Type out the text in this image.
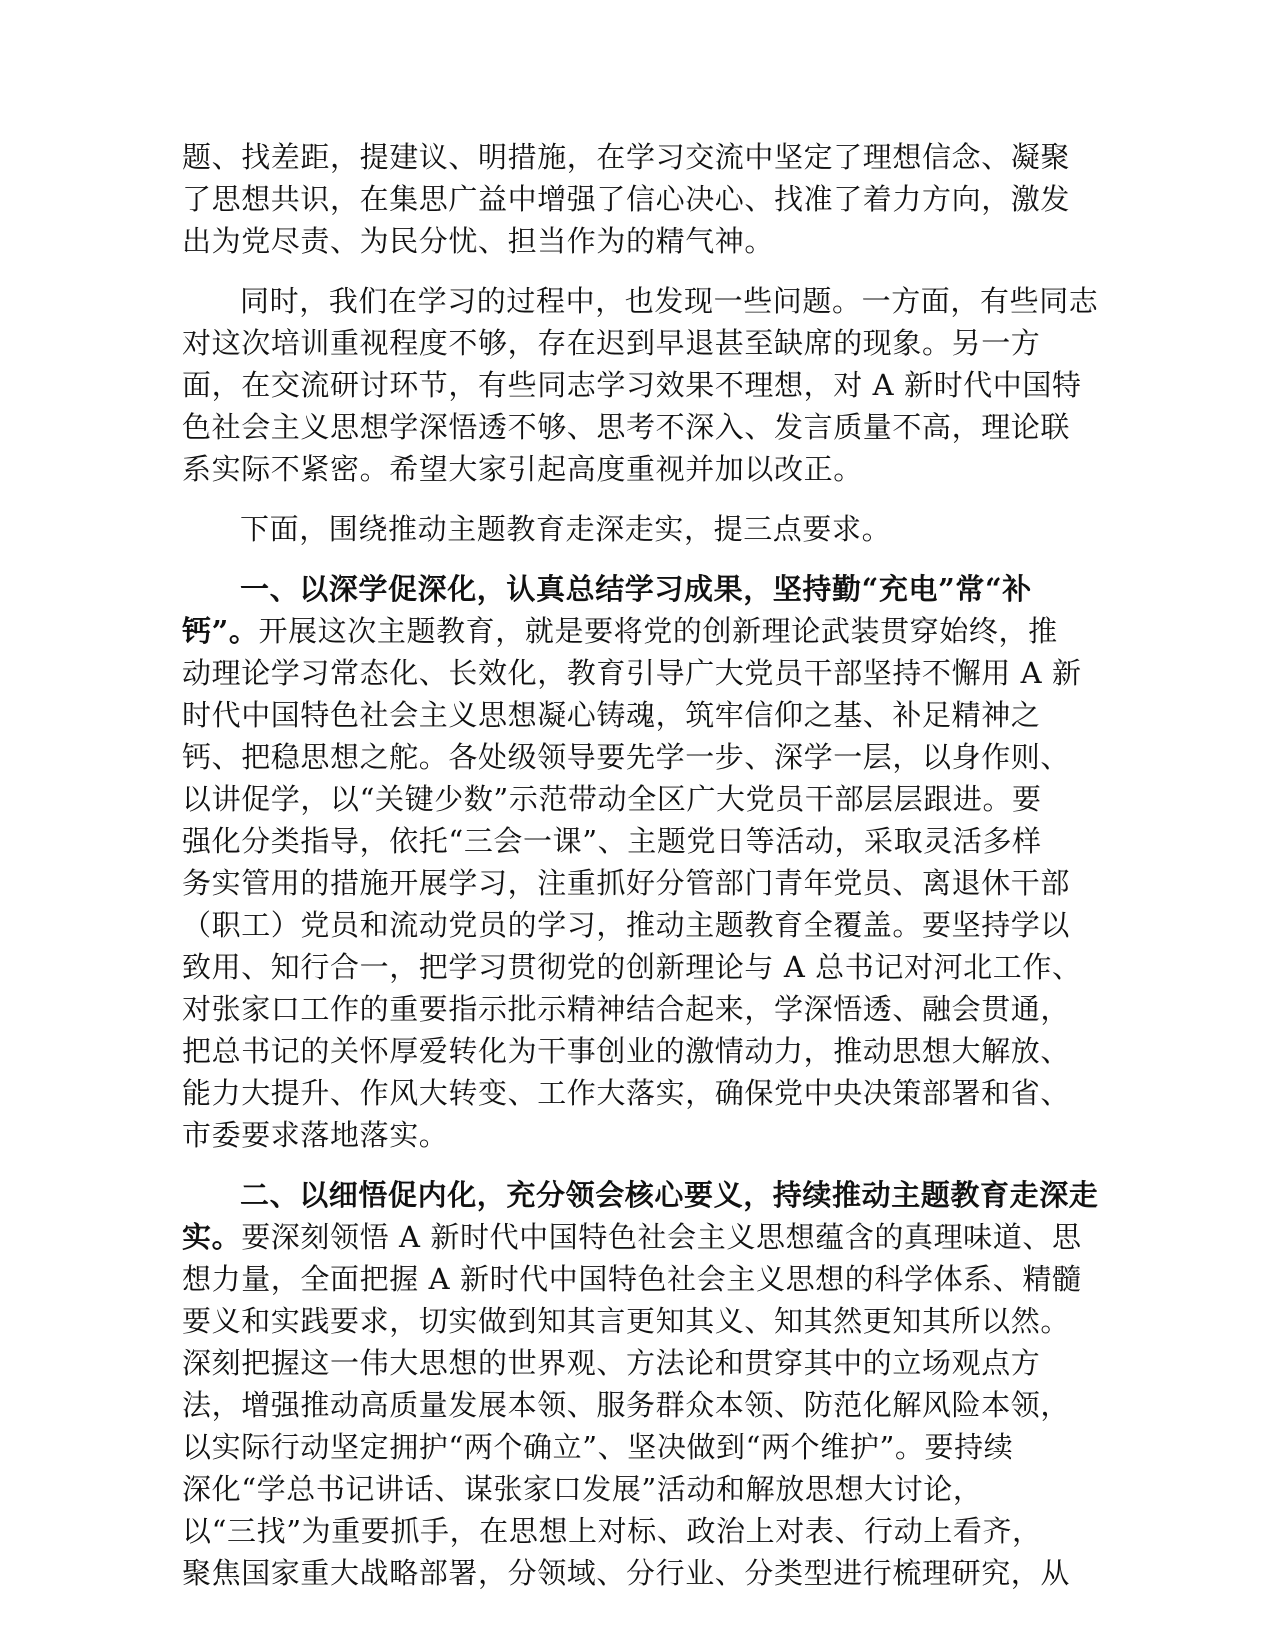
题、找差距，提建议、明措施，在学习交流中坚定了理想信念、凝聚
了思想共识，在集思广益中增强了信心决心、找准了着力方向，激发
出为党尽责、为民分忧、担当作为的精气神。
同时，我们在学习的过程中，也发现一些问题。一方面，有些同志
对这次培训重视程度不够，存在迟到早退甚至缺席的现象。另一方
面，在交流研讨环节，有些同志学习效果不理想，对 A 新时代中国特
色社会主义思想学深悟透不够、思考不深入、发言质量不高，理论联
系实际不紧密。希望大家引起高度重视并加以改正。
下面，围绕推动主题教育走深走实，提三点要求。
一、以深学促深化，认真总结学习成果，坚持勤“充电”常“补
钙”。开展这次主题教育，就是要将党的创新理论武装贯穿始终，推
动理论学习常态化、长效化，教育引导广大党员干部坚持不懈用 A 新
时代中国特色社会主义思想凝心铸魂，筑牢信仰之基、补足精神之
钙、把稳思想之舵。各处级领导要先学一步、深学一层，以身作则、
以讲促学，以“关键少数”示范带动全区广大党员干部层层跟进。要
强化分类指导，依托“三会一课”、主题党日等活动，采取灵活多样
务实管用的措施开展学习，注重抓好分管部门青年党员、离退休干部
（职工）党员和流动党员的学习，推动主题教育全覆盖。要坚持学以
致用、知行合一，把学习贯彻党的创新理论与 A 总书记对河北工作、
对张家口工作的重要指示批示精神结合起来，学深悟透、融会贯通，
把总书记的关怀厚爱转化为干事创业的激情动力，推动思想大解放、
能力大提升、作风大转变、工作大落实，确保党中央决策部署和省、
市委要求落地落实。
二、以细悟促内化，充分领会核心要义，持续推动主题教育走深走
实。要深刻领悟 A 新时代中国特色社会主义思想蕴含的真理味道、思
想力量，全面把握 A 新时代中国特色社会主义思想的科学体系、精髓
要义和实践要求，切实做到知其言更知其义、知其然更知其所以然。
深刻把握这一伟大思想的世界观、方法论和贯穿其中的立场观点方
法，增强推动高质量发展本领、服务群众本领、防范化解风险本领，
以实际行动坚定拥护“两个确立”、坚决做到“两个维护”。要持续
深化“学总书记讲话、谋张家口发展”活动和解放思想大讨论，
以“三找”为重要抓手，在思想上对标、政治上对表、行动上看齐，
聚焦国家重大战略部署，分领域、分行业、分类型进行梳理研究，从
